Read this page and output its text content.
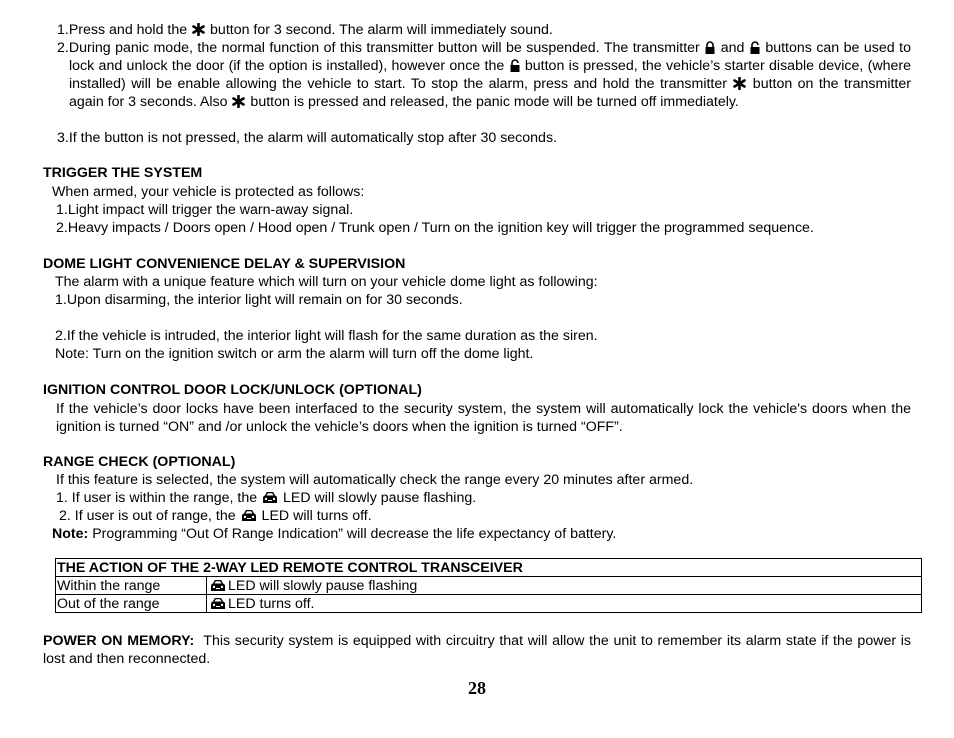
1.Press and hold the  button for 3 second. The alarm will immediately sound.
2.During panic mode, the normal function of this transmitter button will be suspended. The transmitter  and  buttons can be used to lock and unlock the door (if the option is installed), however once the  button is pressed, the vehicle’s starter disable device, (where installed) will be enable allowing the vehicle to start. To stop the alarm, press and hold the transmitter  button on the transmitter again for 3 seconds. Also  button is pressed and released, the panic mode will be turned off immediately.
3.If the button is not pressed, the alarm will automatically stop after 30 seconds.
TRIGGER THE SYSTEM
When armed, your vehicle is protected as follows:
1.Light impact will trigger the warn-away signal.
2.Heavy impacts / Doors open / Hood open / Trunk open / Turn on the ignition key will trigger the programmed sequence.
DOME LIGHT CONVENIENCE DELAY & SUPERVISION
The alarm with a unique feature which will turn on your vehicle dome light as following:
1.Upon disarming, the interior light will remain on for 30 seconds.
2.If the vehicle is intruded, the interior light will flash for the same duration as the siren.
Note: Turn on the ignition switch or arm the alarm will turn off the dome light.
IGNITION CONTROL DOOR LOCK/UNLOCK (OPTIONAL)
If the vehicle’s door locks have been interfaced to the security system, the system will automatically lock the vehicle's doors when the ignition is turned “ON” and /or unlock the vehicle’s doors when the ignition is turned “OFF”.
RANGE CHECK (OPTIONAL)
If this feature is selected, the system will automatically check the range every 20 minutes after armed.
1. If user is within the range, the  LED will slowly pause flashing.
2. If user is out of range, the  LED will turns off.
Note: Programming “Out Of Range Indication” will decrease the life expectancy of battery.
THE ACTION OF THE 2-WAY LED REMOTE CONTROL TRANSCEIVER	
Within the range	LED will slowly pause flashing
Out of the range	LED turns off.
POWER ON MEMORY:  This security system is equipped with circuitry that will allow the unit to remember its alarm state if the power is lost and then reconnected.
28
